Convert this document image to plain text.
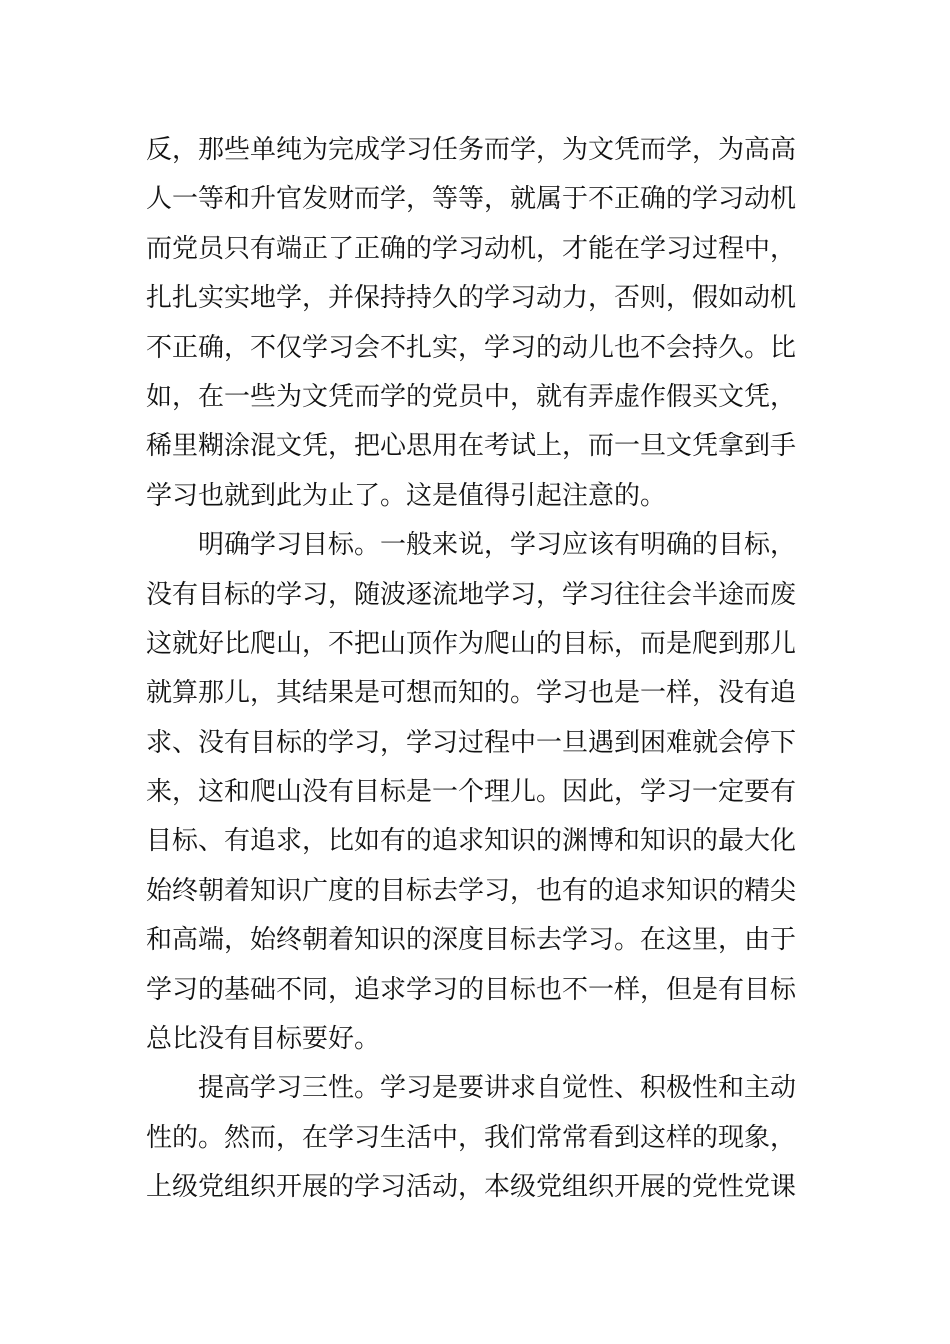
反，那些单纯为完成学习任务而学，为文凭而学，为高高
人一等和升官发财而学，等等，就属于不正确的学习动机
而党员只有端正了正确的学习动机，才能在学习过程中，
扎扎实实地学，并保持持久的学习动力，否则，假如动机
不正确，不仅学习会不扎实，学习的动儿也不会持久。比
如，在一些为文凭而学的党员中，就有弄虚作假买文凭，
稀里糊涂混文凭，把心思用在考试上，而一旦文凭拿到手
学习也就到此为止了。这是值得引起注意的。
明确学习目标。一般来说，学习应该有明确的目标，
没有目标的学习，随波逐流地学习，学习往往会半途而废
这就好比爬山，不把山顶作为爬山的目标，而是爬到那儿
就算那儿，其结果是可想而知的。学习也是一样，没有追
求、没有目标的学习，学习过程中一旦遇到困难就会停下
来，这和爬山没有目标是一个理儿。因此，学习一定要有
目标、有追求，比如有的追求知识的渊博和知识的最大化
始终朝着知识广度的目标去学习，也有的追求知识的精尖
和高端，始终朝着知识的深度目标去学习。在这里，由于
学习的基础不同，追求学习的目标也不一样，但是有目标
总比没有目标要好。
提高学习三性。学习是要讲求自觉性、积极性和主动
性的。然而，在学习生活中，我们常常看到这样的现象，
上级党组织开展的学习活动，本级党组织开展的党性党课
